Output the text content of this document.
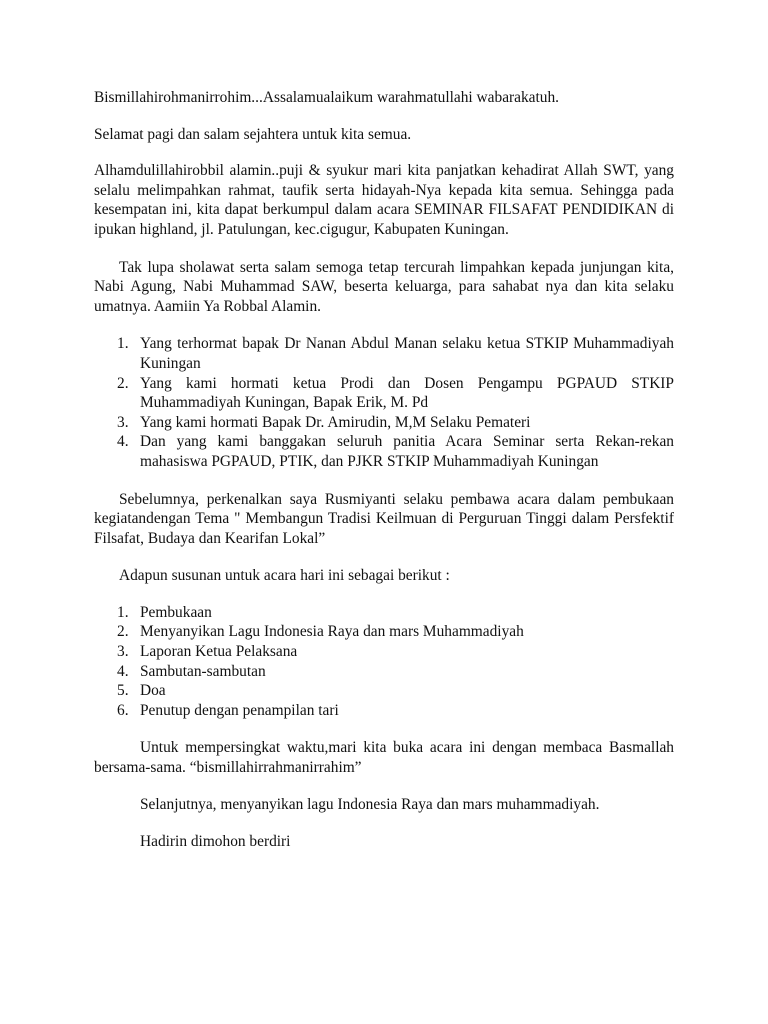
Bismillahirohmanirrohim...Assalamualaikum warahmatullahi wabarakatuh.

Selamat pagi dan salam sejahtera untuk kita semua.

Alhamdulillahirobbil alamin..puji & syukur mari kita panjatkan kehadirat Allah SWT, yang selalu melimpahkan rahmat, taufik serta hidayah-Nya kepada kita semua. Sehingga pada kesempatan ini, kita dapat berkumpul dalam acara SEMINAR FILSAFAT PENDIDIKAN di ipukan highland, jl. Patulungan, kec.cigugur, Kabupaten Kuningan.

Tak lupa sholawat serta salam semoga tetap tercurah limpahkan kepada junjungan kita, Nabi Agung, Nabi Muhammad SAW, beserta keluarga, para sahabat nya dan kita selaku umatnya. Aamiin Ya Robbal Alamin.

1. Yang terhormat bapak Dr Nanan Abdul Manan selaku ketua STKIP Muhammadiyah Kuningan
2. Yang kami hormati ketua Prodi dan Dosen Pengampu PGPAUD STKIP Muhammadiyah Kuningan, Bapak Erik, M. Pd
3. Yang kami hormati Bapak Dr. Amirudin, M,M Selaku Pemateri
4. Dan yang kami banggakan seluruh panitia Acara Seminar serta Rekan-rekan mahasiswa PGPAUD, PTIK, dan PJKR STKIP Muhammadiyah Kuningan

Sebelumnya, perkenalkan saya Rusmiyanti selaku pembawa acara dalam pembukaan kegiatandengan Tema " Membangun Tradisi Keilmuan di Perguruan Tinggi dalam Persfektif Filsafat, Budaya dan Kearifan Lokal”

Adapun susunan untuk acara hari ini sebagai berikut :

1. Pembukaan
2. Menyanyikan Lagu Indonesia Raya dan mars Muhammadiyah
3. Laporan Ketua Pelaksana
4. Sambutan-sambutan
5. Doa
6. Penutup dengan penampilan tari

Untuk mempersingkat waktu,mari kita buka acara ini dengan membaca Basmallah bersama-sama. “bismillahirrahmanirrahim”

Selanjutnya, menyanyikan lagu Indonesia Raya dan mars muhammadiyah.

Hadirin dimohon berdiri
